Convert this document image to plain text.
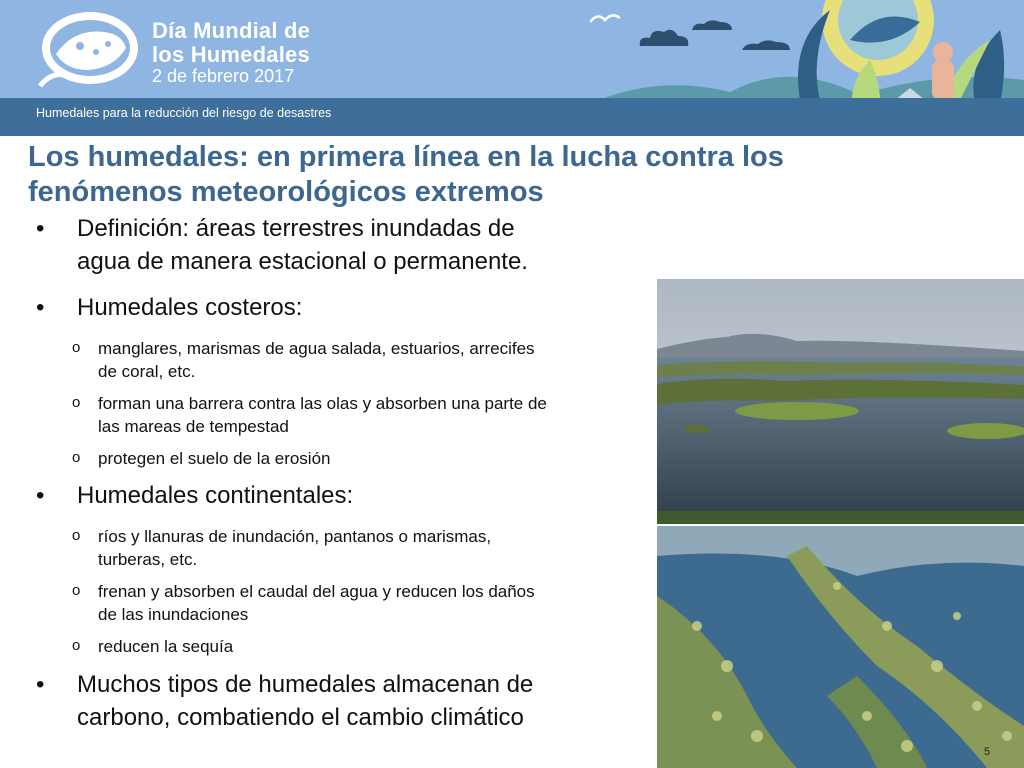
Día Mundial de
los Humedales
2 de febrero 2017
Humedales para la reducción del riesgo de desastres
Los humedales: en primera línea en la lucha contra los
fenómenos meteorológicos extremos
• Definición: áreas terrestres inundadas de
agua de manera estacional o permanente.
• Humedales costeros:
o manglares, marismas de agua salada, estuarios, arrecifes
de coral, etc.
o forman una barrera contra las olas y absorben una parte de
las mareas de tempestad
o protegen el suelo de la erosión
• Humedales continentales:
o ríos y llanuras de inundación, pantanos o marismas,
turberas, etc.
o frenan y absorben el caudal del agua y reducen los daños
de las inundaciones
o reducen la sequía
• Muchos tipos de humedales almacenan de
carbono, combatiendo el cambio climático
5
